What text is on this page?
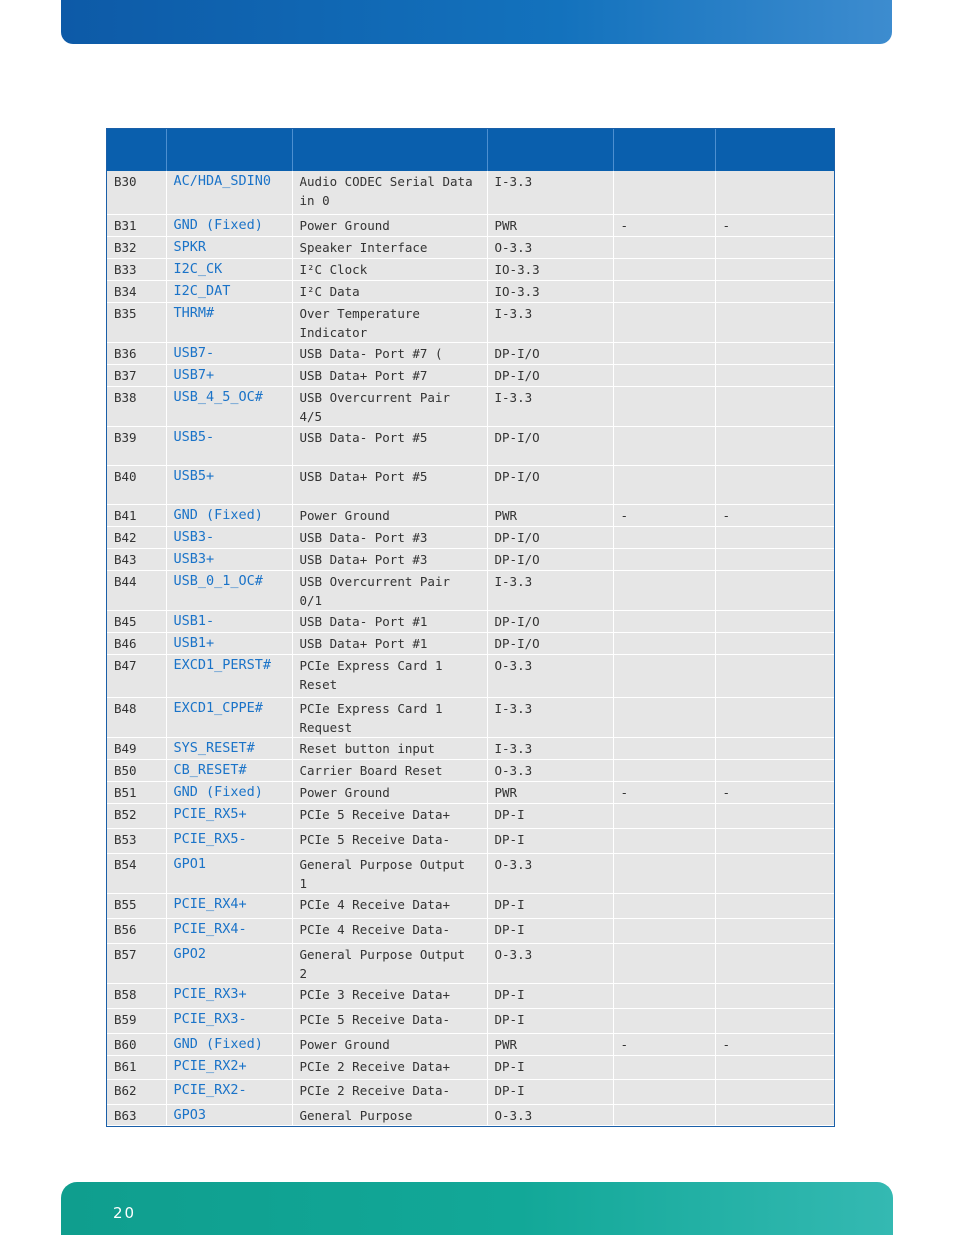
B30	AC/HDA_SDIN0	Audio CODEC Serial Data in 0	I-3.3		
B31	GND (Fixed)	Power Ground	PWR	-	-
B32	SPKR	Speaker Interface	O-3.3		
B33	I2C_CK	I²C Clock	IO-3.3		
B34	I2C_DAT	I²C Data	IO-3.3		
B35	THRM#	Over Temperature Indicator	I-3.3		
B36	USB7-	USB Data- Port #7 (	DP-I/O		
B37	USB7+	USB Data+ Port #7	DP-I/O		
B38	USB_4_5_OC#	USB Overcurrent Pair 4/5	I-3.3		
B39	USB5-	USB Data- Port #5	DP-I/O		
B40	USB5+	USB Data+ Port #5	DP-I/O		
B41	GND (Fixed)	Power Ground	PWR	-	-
B42	USB3-	USB Data- Port #3	DP-I/O		
B43	USB3+	USB Data+ Port #3	DP-I/O		
B44	USB_0_1_OC#	USB Overcurrent Pair 0/1	I-3.3		
B45	USB1-	USB Data- Port #1	DP-I/O		
B46	USB1+	USB Data+ Port #1	DP-I/O		
B47	EXCD1_PERST#	PCIe Express Card 1 Reset	O-3.3		
B48	EXCD1_CPPE#	PCIe Express Card 1 Request	I-3.3		
B49	SYS_RESET#	Reset button input	I-3.3		
B50	CB_RESET#	Carrier Board Reset	O-3.3		
B51	GND (Fixed)	Power Ground	PWR	-	-
B52	PCIE_RX5+	PCIe 5 Receive Data+	DP-I		
B53	PCIE_RX5-	PCIe 5 Receive Data-	DP-I		
B54	GPO1	General Purpose Output 1	O-3.3		
B55	PCIE_RX4+	PCIe 4 Receive Data+	DP-I		
B56	PCIE_RX4-	PCIe 4 Receive Data-	DP-I		
B57	GPO2	General Purpose Output 2	O-3.3		
B58	PCIE_RX3+	PCIe 3 Receive Data+	DP-I		
B59	PCIE_RX3-	PCIe 5 Receive Data-	DP-I		
B60	GND (Fixed)	Power Ground	PWR	-	-
B61	PCIE_RX2+	PCIe 2 Receive Data+	DP-I		
B62	PCIE_RX2-	PCIe 2 Receive Data-	DP-I		
B63	GPO3	General Purpose	O-3.3		
20
